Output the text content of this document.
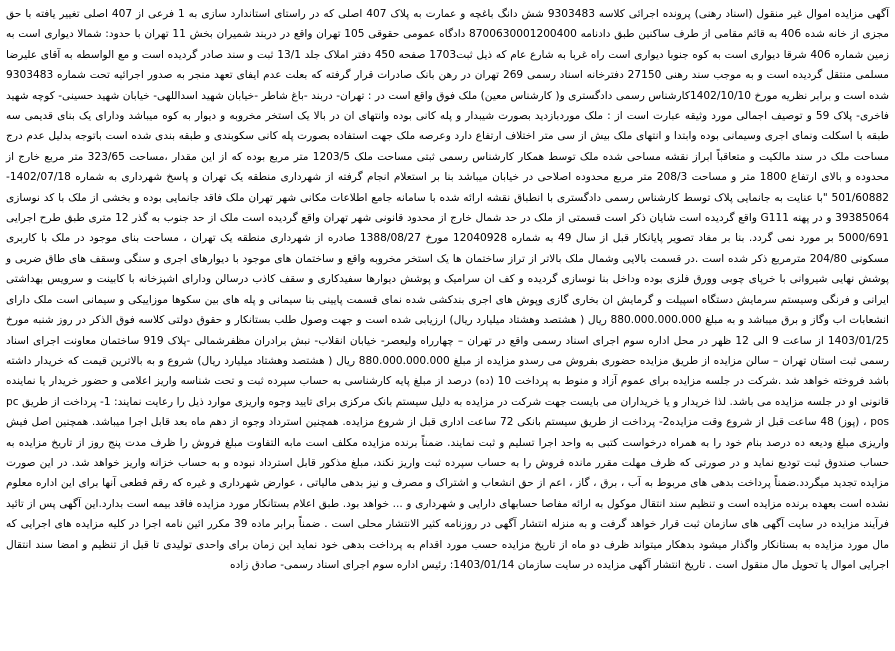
آگهی مزایده اموال غیر منقول (اسناد رهنی) پرونده اجرائی کلاسه 9303483 شش دانگ باغچه و عمارت به پلاک 407 اصلی که در راستای استاندارد سازی به 1 فرعی از 407 اصلی تغییر یافته با حق مجزی از خانه شده 406 به قائم مقامی از طرف ساکنین طبق دادنامه 8700630001200400 دادگاه عمومی حقوقی 105 تهران واقع در دربند شمیران بخش 11 تهران با حدود: شمالا دیواری است به زمین شماره 406 شرقا دیواری است به کوه جنوبا دیواری است راه غربا به شارع عام که ذیل ثبت1703 صفحه 450 دفتر املاک جلد 13/1 ثبت و سند صادر گردیده است و مع الواسطه به آقای علیرضا مسلمی منتقل گردیده است و به موجب سند رهنی 27150 دفترخانه اسناد رسمی 269 تهران در رهن بانک صادرات قرار گرفته که بعلت عدم ایفای تعهد منجر به صدور اجرائیه تحت شماره 9303483 شده است و برابر نظریه مورخ 1402/10/10کارشناس رسمی دادگستری و( کارشناس معین) ملک فوق واقع است در : تهران- دربند -باغ شاطر -خیابان شهید اسداللهی- خیابان شهید حسینی- کوچه شهید فاخری- پلاک 59 و توصیف اجمالی مورد وثیقه عبارت است از : ملک موردبازدید بصورت شیبدار و پله کانی بوده وانتهای ان در بالا یک استخر مخروبه و دیوار به کوه میباشد ودارای یک بنای قدیمی سه طبقه با اسکلت ونمای اجری وسیمانی بوده وابتدا و انتهای ملک بیش از سی متر اختلاف ارتفاع دارد وعرصه ملک جهت استفاده بصورت پله کانی سکوبندی و طبقه بندی شده است باتوجه بدلیل عدم درج مساحت ملک در سند مالکیت و متعاقباً ابراز نقشه مساحی شده ملک توسط همکار کارشناس رسمی ثبتی مساحت ملک 1203/5 متر مربع بوده که از این مقدار ،مساحت 323/65 متر مربع خارج از محدوده و بالای ارتفاع 1800 متر و مساحت 208/3 متر مربع محدوده اصلاحی در خیابان میباشد بنا بر استعلام انجام گرفته از شهرداری منطقه یک تهران و پاسخ شهرداری به شماره 1402/07/18-501/60882 "با عنایت به جانمایی پلاک توسط کارشناس رسمی دادگستری با انطباق نقشه ارائه شده با سامانه جامع اطلاعات مکانی شهر تهران ملک فاقد جانمایی بوده و بخشی از ملک با کد نوسازی 39385064 و در پهنه G111 واقع گردیده است شایان ذکر است قسمتی از ملک در حد شمال خارج از محدود قانونی شهر تهران واقع گردیده است ملک از حد جنوب به گذر 12 متری طبق طرح اجرایی 5000/691 بر مورد نمی گردد. بنا بر مفاد تصویر پایانکار قبل از سال 49 به شماره 12040928 مورخ 1388/08/27 صادره از شهرداری منطقه یک تهران ، مساحت بنای موجود در ملک با کاربری مسکونی 204/80 مترمربع ذکر شده است .در قسمت بالایی وشمال ملک بالاتر از تراز ساختمان ها یک استخر مخروبه واقع و ساختمان های موجود با دیوارهای اجری و سنگی وسقف های طاق ضربی و پوشش نهایی شیروانی با خرپای چوبی وورق فلزی بوده وداخل بنا نوسازی گردیده و کف ان سرامیک و پوشش دیوارها سفیدکاری و سقف کاذب درسالن ودارای اشپزخانه با کابینت و سرویس بهداشتی ایرانی و فرنگی وسیستم سرمایش دستگاه اسپیلت و گرمایش ان بخاری گازی وپوش های اجری بندکشی شده نمای قسمت پایینی بنا سیمانی و پله های بین سکوها موزاییکی و سیمانی است ملک دارای انشعابات اب وگاز و برق میباشد و به مبلغ 880.000.000.000 ریال ( هشتصد وهشتاد میلیارد ریال) ارزیابی شده است و جهت وصول طلب بستانکار و حقوق دولتی کلاسه فوق الذکر در روز شنبه مورخ 1403/01/25 از ساعت 9 الی 12 ظهر در محل اداره سوم اجرای اسناد رسمی واقع در تهران – چهارراه ولیعصر- خیابان انقلاب- نبش برادران مظفرشمالی -پلاک 919 ساختمان معاونت اجرای اسناد رسمی ثبت استان تهران – سالن مزایده از طریق مزایده حضوری بفروش می رسدو مزایده از مبلغ 880.000.000.000 ریال ( هشتصد وهشتاد میلیارد ریال) شروع و به بالاترین قیمت که خریدار داشته باشد فروخته خواهد شد .شرکت در جلسه مزایده برای عموم آزاد و منوط به پرداخت 10 (ده) درصد از مبلغ پایه کارشناسی به حساب سپرده ثبت و تحت شناسه واریز اعلامی و حضور خریدار یا نماینده قانونی او در جلسه مزایده می باشد. لذا خریدار و یا خریداران می بایست جهت شرکت در مزایده به دلیل سیستم بانک مرکزی برای تایید وجوه واریزی موارد ذیل را رعایت نمایند: 1- پرداخت از طریق pc pos ، (پوز) 48 ساعت قبل از شروع وقت مزایده2- پرداخت از طریق سیستم بانکی 72 ساعت اداری قبل از شروع مزایده. همچنین استرداد وجوه از دهم ماه بعد قابل اجرا میباشد. همچنین اصل فیش واریزی مبلغ ودیعه ده درصد بنام خود را به همراه درخواست کتبی به واحد اجرا تسلیم و ثبت نمایند. ضمناً برنده مزایده مکلف است مابه التفاوت مبلغ فروش را ظرف مدت پنج روز از تاریخ مزایده به حساب صندوق ثبت تودیع نماید و در صورتی که ظرف مهلت مقرر مانده فروش را به حساب سپرده ثبت واریز نکند، مبلغ مذکور قابل استرداد نبوده و به حساب خزانه واریز خواهد شد. در این صورت مزایده تجدید میگردد.ضمناً پرداخت بدهی های مربوط به آب ، برق ، گاز ، اعم از حق انشعاب و اشتراک و مصرف و نیز بدهی مالیاتی ، عوارض شهرداری و غیره که رقم قطعی آنها برای این اداره معلوم نشده است بعهده برنده مزایده است و تنظیم سند انتقال موکول به ارائه مفاصا حسابهای دارایی و شهرداری و ... خواهد بود. طبق اعلام بستانکار مورد مزایده فاقد بیمه است بدارد.این آگهی پس از تائید فرآیند مزایده در سایت آگهی های سازمان ثبت قرار خواهد گرفت و به منزله انتشار آگهی در روزنامه کثیر الانتشار محلی است . ضمناً برابر ماده 39 مکرر ائین نامه اجرا در کلیه مزایده های اجرایی که مال مورد مزایده به بستانکار واگذار میشود بدهکار میتواند ظرف دو ماه از تاریخ مزایده حسب مورد اقدام به پرداخت بدهی خود نماید این زمان برای واحدی تولیدی تا قبل از تنظیم و امضا سند انتقال اجرایی اموال یا تحویل مال منقول است . تاریخ انتشار آگهی مزایده در سایت سازمان 1403/01/14: رئیس اداره سوم اجرای اسناد رسمی- صادق زاده
